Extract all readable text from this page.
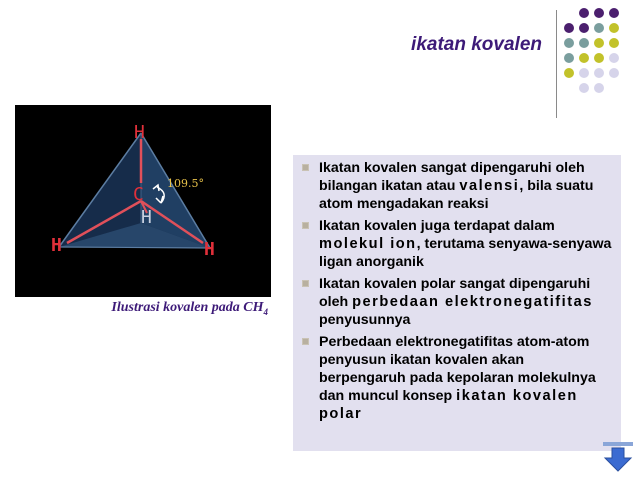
ikatan kovalen
H
C
H
H	H
109.5°
Ilustrasi kovalen pada $CH_4$
Ikatan kovalen sangat dipengaruhi oleh bilangan ikatan atau valensi, bila suatu atom mengadakan reaksi
Ikatan kovalen juga terdapat dalam molekul ion, terutama senyawa-senyawa ligan anorganik
Ikatan kovalen polar sangat dipengaruhi oleh perbedaan elektronegatifitas penyusunnya
Perbedaan elektronegatifitas atom-atom penyusun ikatan kovalen akan berpengaruh pada kepolaran molekulnya dan muncul konsep ikatan kovalen polar
